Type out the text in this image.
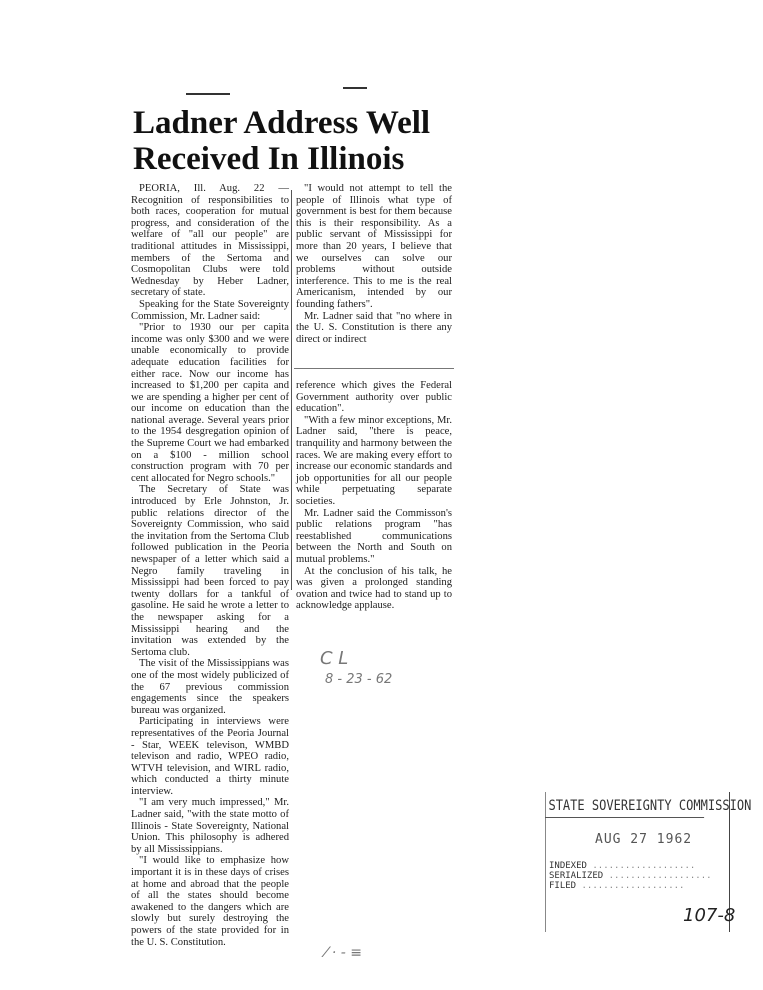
Ladner Address Well
Received In Illinois

PEORIA, Ill. Aug. 22 — Recognition of responsibilities to both races, cooperation for mutual progress, and consideration of the welfare of "all our people" are traditional attitudes in Mississippi, members of the Sertoma and Cosmopolitan Clubs were told Wednesday by Heber Ladner, secretary of state.

Speaking for the State Sovereignty Commission, Mr. Ladner said:

"Prior to 1930 our per capita income was only $300 and we were unable economically to provide adequate education facilities for either race. Now our income has increased to $1,200 per capita and we are spending a higher per cent of our income on education than the national average. Several years prior to the 1954 desgregation opinion of the Supreme Court we had embarked on a $100 - million school construction program with 70 per cent allocated for Negro schools."

The Secretary of State was introduced by Erle Johnston, Jr. public relations director of the Sovereignty Commission, who said the invitation from the Sertoma Club followed publication in the Peoria newspaper of a letter which said a Negro family traveling in Mississippi had been forced to pay twenty dollars for a tankful of gasoline. He said he wrote a letter to the newspaper asking for a Mississippi hearing and the invitation was extended by the Sertoma club.

The visit of the Mississippians was one of the most widely publicized of the 67 previous commission engagements since the speakers bureau was organized.

Participating in interviews were representatives of the Peoria Journal - Star, WEEK televison, WMBD televison and radio, WPEO radio, WTVH television, and WIRL radio, which conducted a thirty minute interview.

"I am very much impressed," Mr. Ladner said, "with the state motto of Illinois - State Sovereignty, National Union. This philosophy is adhered by all Mississippians.

"I would like to emphasize how important it is in these days of crises at home and abroad that the people of all the states should become awakened to the dangers which are slowly but surely destroying the powers of the state provided for in the U. S. Constitution.

"I would not attempt to tell the people of Illinois what type of government is best for them because this is their responsibility. As a public servant of Mississippi for more than 20 years, I believe that we ourselves can solve our problems without outside interference. This to me is the real Americanism, intended by our founding fathers".

Mr. Ladner said that "no where in the U. S. Constitution is there any direct or indirect

reference which gives the Federal Government authority over public education".

"With a few minor exceptions, Mr. Ladner said, "there is peace, tranquility and harmony between the races. We are making every effort to increase our economic standards and job opportunities for all our people while perpetuating separate societies.

Mr. Ladner said the Commisson's public relations program "has reestablished communications between the North and South on mutual problems."

At the conclusion of his talk, he was given a prolonged standing ovation and twice had to stand up to acknowledge applause.

C L
8 - 23 - 62
⁄ · ‐ ≡
STATE SOVEREIGNTY COMMISSION
AUG 27 1962
INDEXED ...................
SERIALIZED ...................
FILED ...................
107-8
